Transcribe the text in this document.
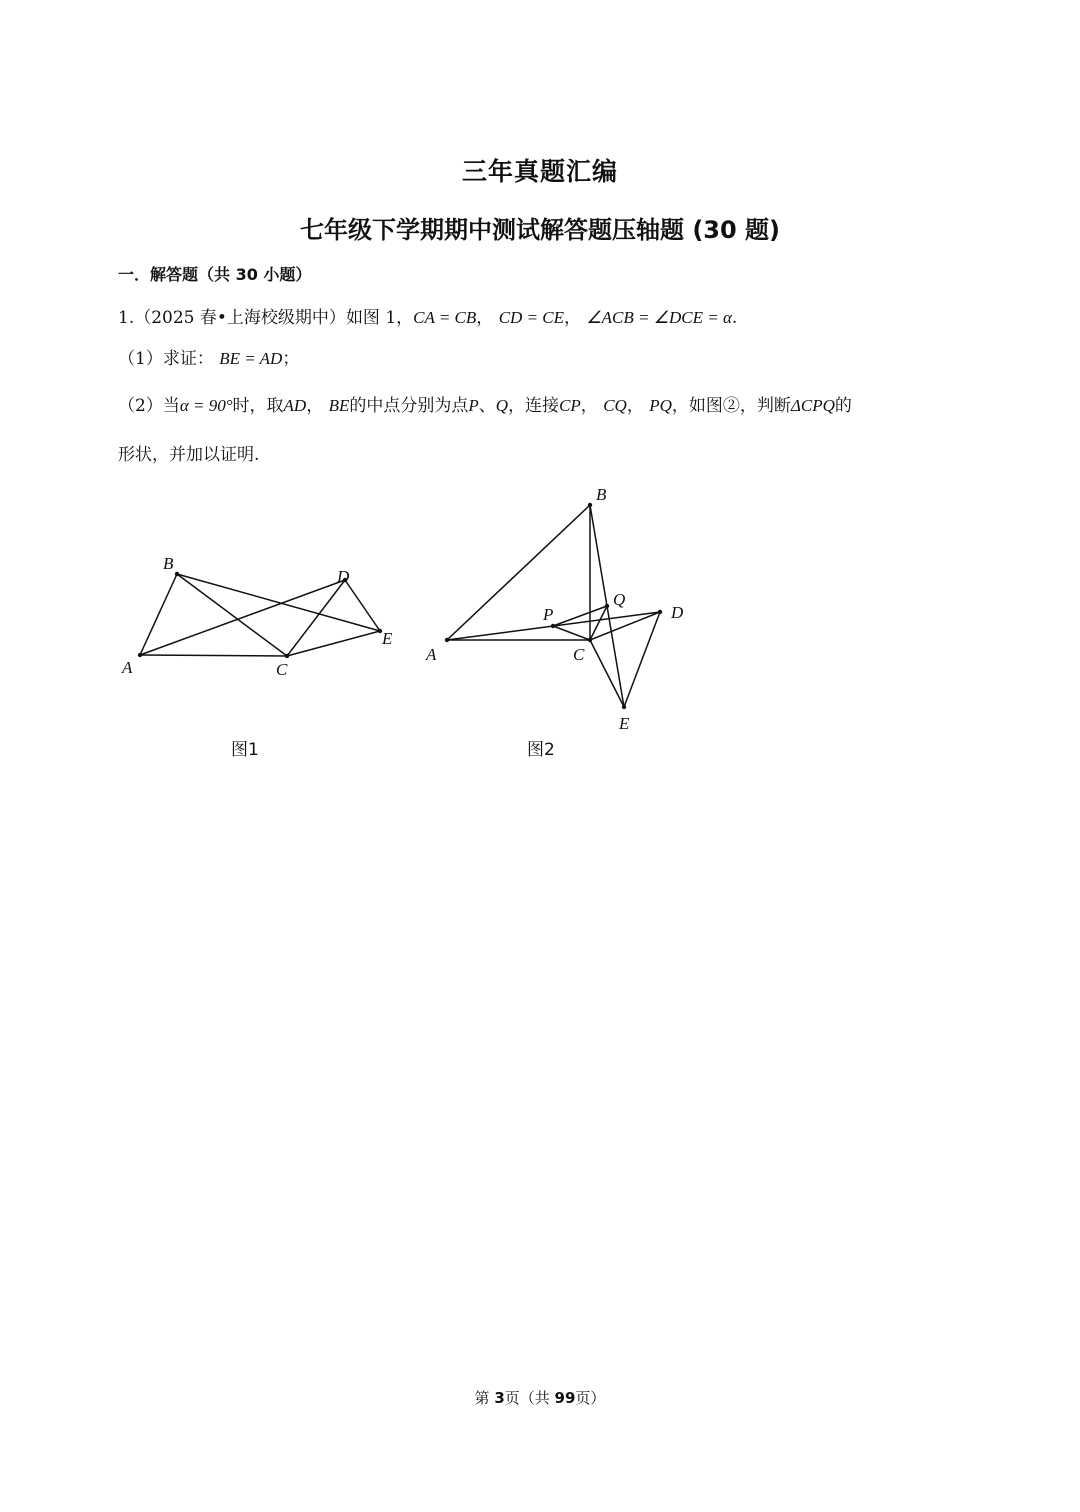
三年真题汇编
七年级下学期期中测试解答题压轴题 (30 题)
一．解答题（共 30 小题）
1.（2025 春•上海校级期中）如图 1，CA = CB， CD = CE， ∠ACB = ∠DCE = α.
（1）求证： BE = AD；
（2）当α = 90°时，取AD， BE的中点分别为点P、Q，连接CP， CQ， PQ，如图②，判断ΔCPQ的
形状，并加以证明.
A
B
C
D
E
A
B
C
D
E
P
Q
图1	图2
第 3页（共 99页）
